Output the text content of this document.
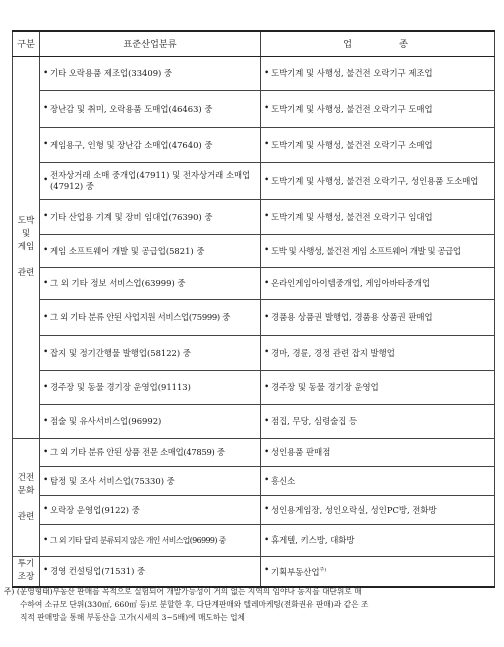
구분	표준산업분류	업 종
도박
및
게임

관련	• 기타 오락용품 제조업(33409) 중	• 도박기계 및 사행성, 불건전 오락기구 제조업
	• 장난감 및 취미, 오락용품 도매업(46463) 중	• 도박기계 및 사행성, 불건전 오락기구 도매업
	• 게임용구, 인형 및 장난감 소매업(47640) 중	• 도박기계 및 사행성, 불건전 오락기구 소매업
	• 전자상거래 소매 중개업(47911) 및 전자상거래 소매업(47912) 중	• 도박기계 및 사행성, 불건전 오락기구, 성인용품 도소매업
	• 기타 산업용 기계 및 장비 임대업(76390) 중	• 도박기계 및 사행성, 불건전 오락기구 임대업
	• 게임 소프트웨어 개발 및 공급업(5821) 중	• 도박 및 사행성, 불건전 게임 소프트웨어 개발 및 공급업
	• 그 외 기타 정보 서비스업(63999) 중	• 온라인게임아이템중개업, 게임아바타중개업
	• 그 외 기타 분류 안된 사업지원 서비스업(75999) 중	• 경품용 상품권 발행업, 경품용 상품권 판매업
	• 잡지 및 정기간행물 발행업(58122) 중	• 경마, 경륜, 경정 관련 잡지 발행업
	• 경주장 및 동물 경기장 운영업(91113)	• 경주장 및 동물 경기장 운영업
	• 점술 및 유사서비스업(96992)	• 점집, 무당, 심령술집 등
건전
문화

관련	• 그 외 기타 분류 안된 상품 전문 소매업(47859) 중	• 성인용품 판매점
	• 탐정 및 조사 서비스업(75330) 중	• 흥신소
	• 오락장 운영업(9122) 중	• 성인용게임장, 성인오락실, 성인PC방, 전화방
	• 그 외 기타 달리 분류되지 않은 개인 서비스업(96999) 중	• 휴게텔, 키스방, 대화방
투기
조장	• 경영 컨설팅업(71531) 중	• 기획부동산업$^{주)}$
주) (운영형태)부동산 판매를 목적으로 실험되어 개발가능성이 거의 없는 지역의 임야나 농지를 대단위로 매
수하여 소규모 단위(330㎡, 660㎡ 등)로 분할한 후, 다단계판매와 텔레마케팅(전화권유 판매)과 같은 조
직적 판매망을 통해 부동산을 고가(시세의 3~5배)에 매도하는 업체
